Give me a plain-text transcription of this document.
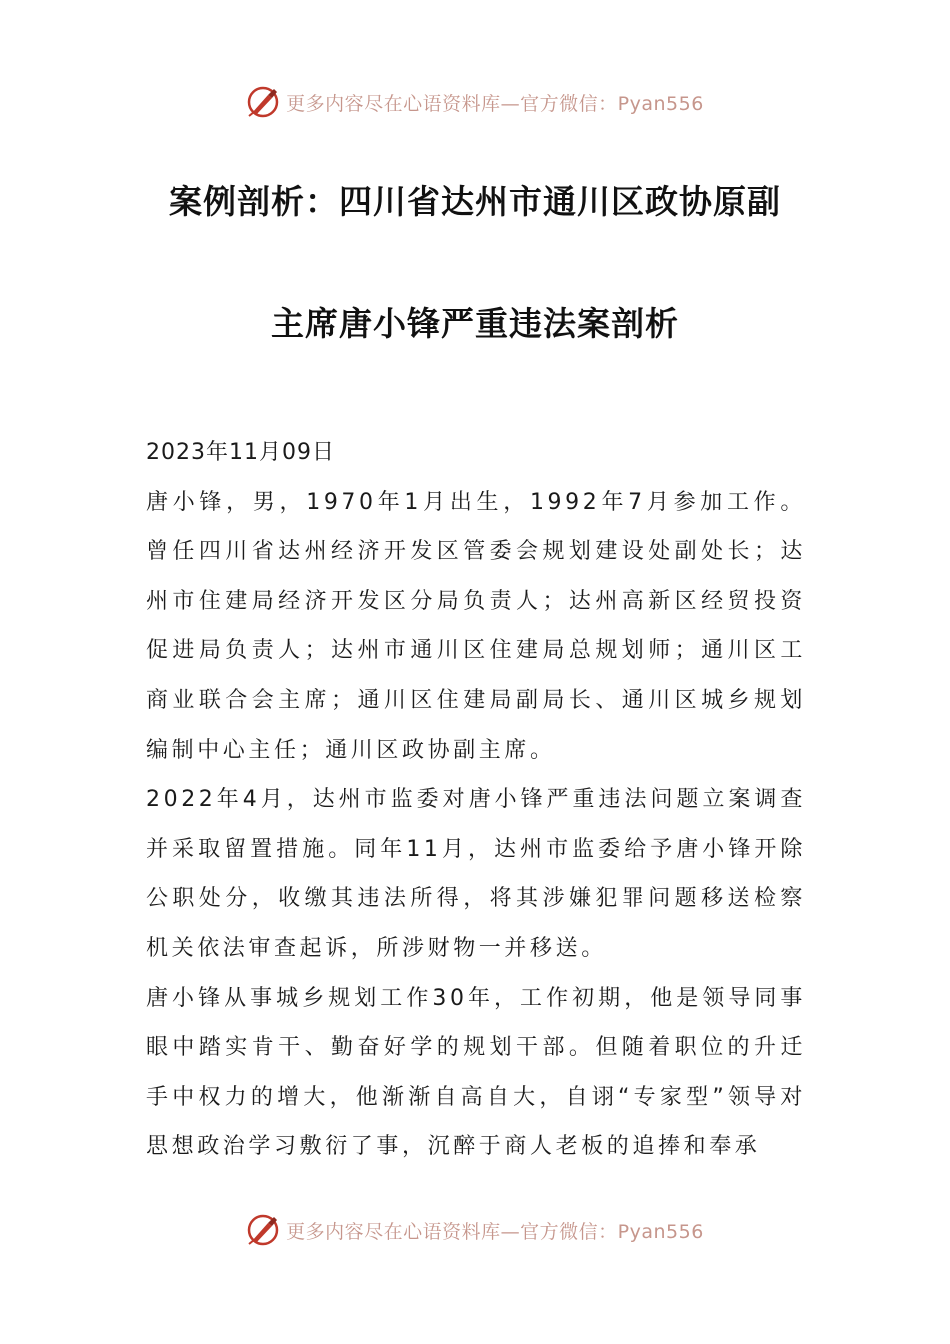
更多内容尽在心语资料库—官方微信：Pyan556
案例剖析：四川省达州市通川区政协原副
主席唐小锋严重违法案剖析

2023年11月09日

唐小锋，男，1970年1月出生，1992年7月参加工作。曾任四川省达州经济开发区管委会规划建设处副处长；达州市住建局经济开发区分局负责人；达州高新区经贸投资促进局负责人；达州市通川区住建局总规划师；通川区工商业联合会主席；通川区住建局副局长、通川区城乡规划编制中心主任；通川区政协副主席。

2022年4月，达州市监委对唐小锋严重违法问题立案调查并采取留置措施。同年11月，达州市监委给予唐小锋开除公职处分，收缴其违法所得，将其涉嫌犯罪问题移送检察机关依法审查起诉，所涉财物一并移送。

唐小锋从事城乡规划工作30年，工作初期，他是领导同事眼中踏实肯干、勤奋好学的规划干部。但随着职位的升迁手中权力的增大，他渐渐自高自大，自诩“专家型”领导对思想政治学习敷衍了事，沉醉于商人老板的追捧和奉承

更多内容尽在心语资料库—官方微信：Pyan556
